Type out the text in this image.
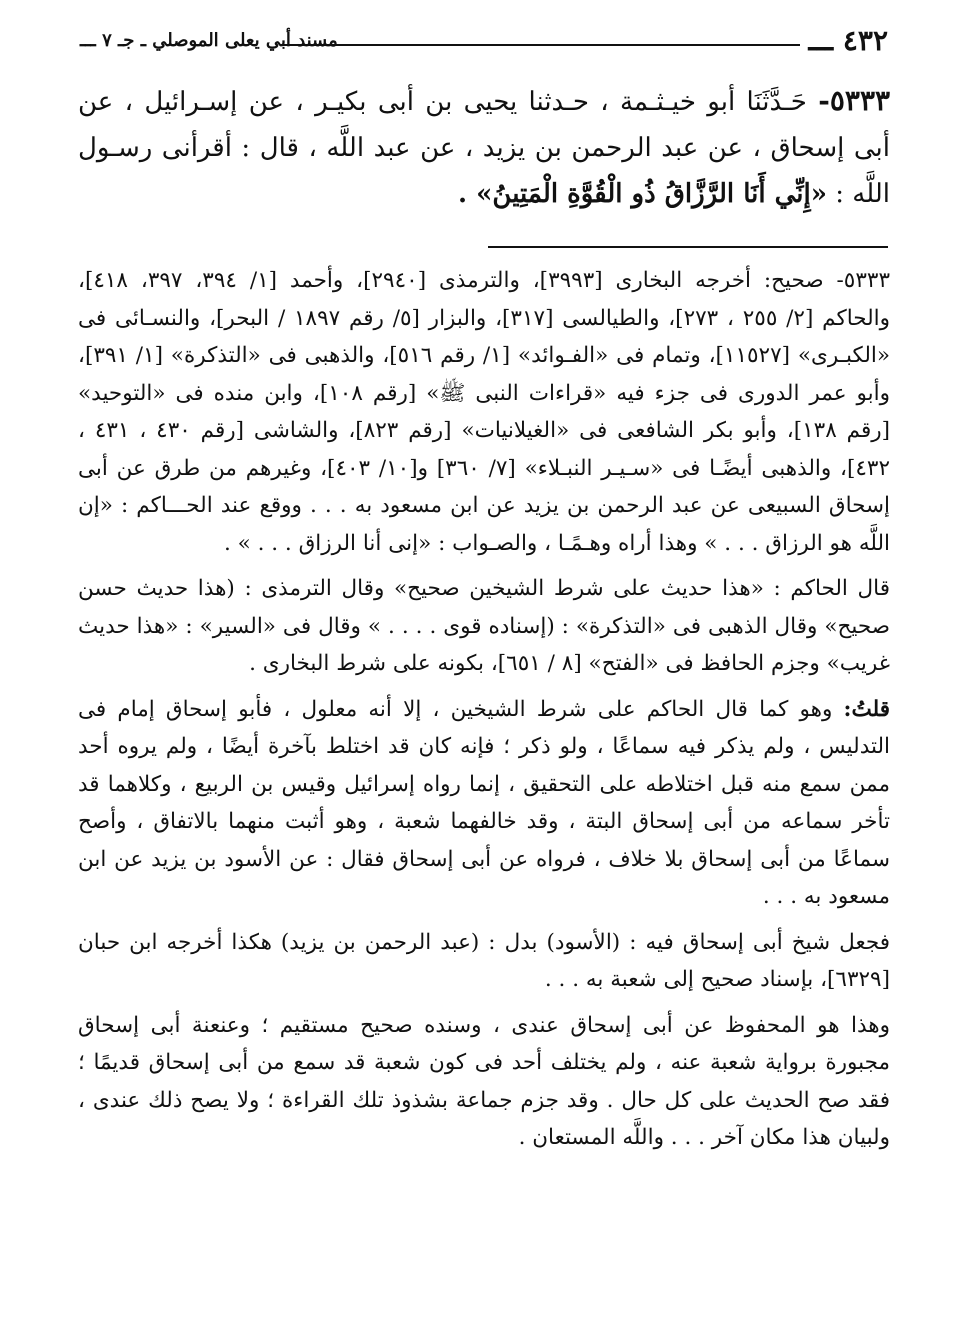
٤٣٢ ـــ
مسند أبي يعلى الموصلي ـ جـ ٧ ـــ
٥٣٣٣- حَـدَّثَنَا أبو خيـثـمة ، حـدثنا يحيى بن أبى بكيـر ، عن إسـرائيل ، عن أبى إسحاق ، عن عبد الرحمن بن يزيد ، عن عبد اللَّه ، قال : أقرأنى رسـول اللَّه : «إِنِّي أَنَا الرَّزَّاقُ ذُو الْقُوَّةِ الْمَتِينُ» .

٥٣٣٣- صحيح: أخرجه البخارى [٣٩٩٣]، والترمذى [٢٩٤٠]، وأحمد [١/ ٣٩٤، ٣٩٧، ٤١٨]، والحاكم [٢/ ٢٥٥ ، ٢٧٣]، والطيالسى [٣١٧]، والبزار [٥/ رقم ١٨٩٧ / البحر]، والنسـائى فى «الكبـرى» [١١٥٢٧]، وتمام فى «الفـوائد» [١/ رقم ٥١٦]، والذهبى فى «التذكرة» [١/ ٣٩١]، وأبو عمر الدورى فى جزء فيه «قراءات النبى ﷺ» [رقم ١٠٨]، وابن منده فى «التوحيد» [رقم ١٣٨]، وأبو بكر الشافعى فى «الغيلانيات» [رقم ٨٢٣]، والشاشى [رقم ٤٣٠ ، ٤٣١ ، ٤٣٢]، والذهبى أيضًـا فى «سـيـر النبـلاء» [٧/ ٣٦٠] و[١٠/ ٤٠٣]، وغيرهم من طرق عن أبى إسحاق السبيعى عن عبد الرحمن بن يزيد عن ابن مسعود به . . . ووقع عند الحـــاكم : «إن اللَّه هو الرزاق . . . » وهذا أراه وهـمًـا ، والصـواب : «إنى أنا الرزاق . . . » .

قال الحاكم : «هذا حديث على شرط الشيخين صحيح» وقال الترمذى : (هذا حديث حسن صحيح» وقال الذهبى فى «التذكرة» : (إسناده قوى . . . . » وقال فى «السير» : «هذا حديث غريب» وجزم الحافظ فى «الفتح» [٨ / ٦٥١]، بكونه على شرط البخارى .

قلتُ: وهو كما قال الحاكم على شرط الشيخين ، إلا أنه معلول ، فأبو إسحاق إمام فى التدليس ، ولم يذكر فيه سماعًا ، ولو ذكر ؛ فإنه كان قد اختلط بآخرة أيضًا ، ولم يروه أحد ممن سمع منه قبل اختلاطه على التحقيق ، إنما رواه إسرائيل وقيس بن الربيع ، وكلاهما قد تأخر سماعه من أبى إسحاق البتة ، وقد خالفهما شعبة ، وهو أثبت منهما بالاتفاق ، وأصح سماعًا من أبى إسحاق بلا خلاف ، فرواه عن أبى إسحاق فقال : عن الأسود بن يزيد عن ابن مسعود به . . .

فجعل شيخ أبى إسحاق فيه : (الأسود) بدل : (عبد الرحمن بن يزيد) هكذا أخرجه ابن حبان [٦٣٢٩]، بإسناد صحيح إلى شعبة به . . .

وهذا هو المحفوظ عن أبى إسحاق عندى ، وسنده صحيح مستقيم ؛ وعنعنة أبى إسحاق مجبورة برواية شعبة عنه ، ولم يختلف أحد فى كون شعبة قد سمع من أبى إسحاق قديمًا ؛ فقد صح الحديث على كل حال . وقد جزم جماعة بشذوذ تلك القراءة ؛ ولا يصح ذلك عندى ، ولبيان هذا مكان آخر . . . واللَّه المستعان .
